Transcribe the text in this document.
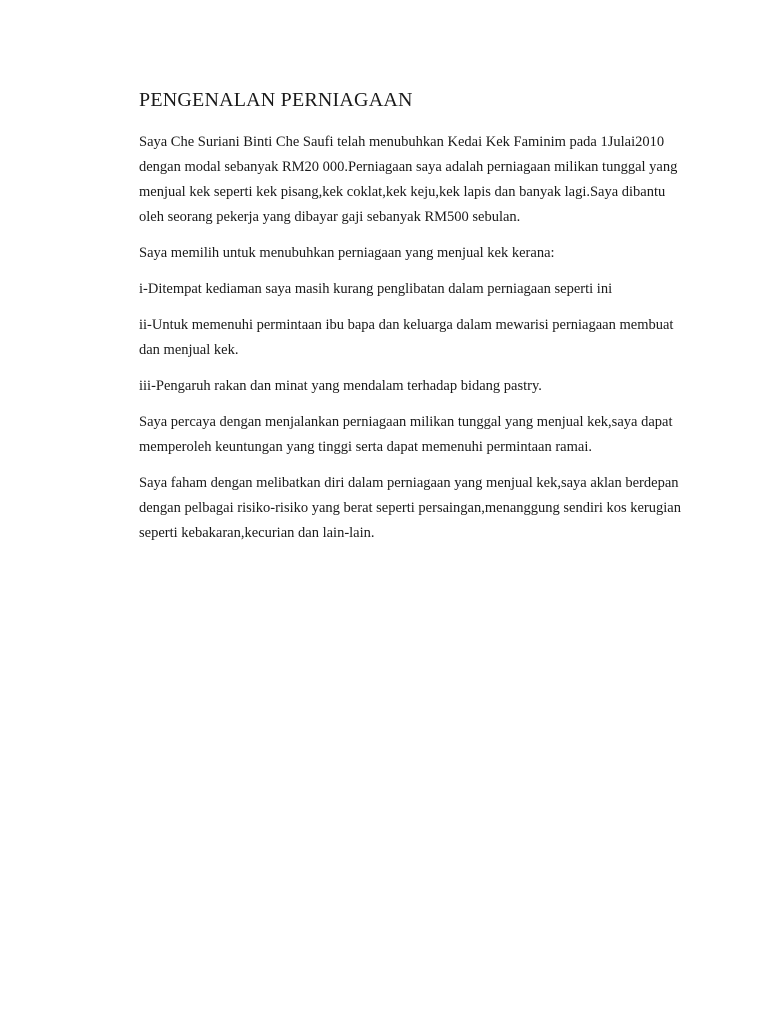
PENGENALAN PERNIAGAAN

Saya Che Suriani Binti Che Saufi telah menubuhkan Kedai Kek Faminim pada 1Julai2010 dengan modal sebanyak RM20 000.Perniagaan saya adalah perniagaan milikan tunggal yang menjual kek seperti kek pisang,kek coklat,kek keju,kek lapis dan banyak lagi.Saya dibantu oleh seorang pekerja yang dibayar gaji sebanyak RM500 sebulan.

Saya memilih untuk menubuhkan perniagaan yang menjual kek kerana:

i-Ditempat kediaman saya masih kurang penglibatan dalam perniagaan seperti ini

ii-Untuk memenuhi permintaan ibu bapa dan keluarga dalam mewarisi perniagaan membuat dan menjual kek.

iii-Pengaruh rakan dan minat yang mendalam terhadap bidang pastry.

Saya percaya dengan menjalankan perniagaan milikan tunggal yang menjual kek,saya dapat memperoleh keuntungan yang tinggi serta dapat memenuhi permintaan ramai.

Saya faham dengan melibatkan diri dalam perniagaan yang menjual kek,saya aklan berdepan dengan pelbagai risiko-risiko yang berat seperti persaingan,menanggung sendiri kos kerugian seperti kebakaran,kecurian dan lain-lain.
